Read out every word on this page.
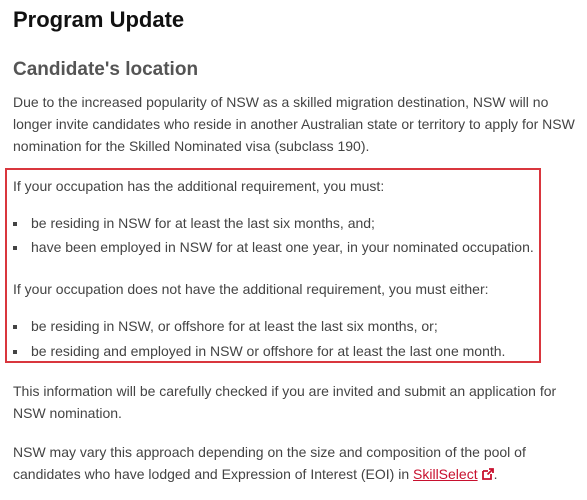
Program Update
Candidate's location

Due to the increased popularity of NSW as a skilled migration destination, NSW will no longer invite candidates who reside in another Australian state or territory to apply for NSW nomination for the Skilled Nominated visa (subclass 190).

If your occupation has the additional requirement, you must:

be residing in NSW for at least the last six months, and;
have been employed in NSW for at least one year, in your nominated occupation.

If your occupation does not have the additional requirement, you must either:

be residing in NSW, or offshore for at least the last six months, or;
be residing and employed in NSW or offshore for at least the last one month.

This information will be carefully checked if you are invited and submit an application for NSW nomination.

NSW may vary this approach depending on the size and composition of the pool of candidates who have lodged and Expression of Interest (EOI) in SkillSelect .
